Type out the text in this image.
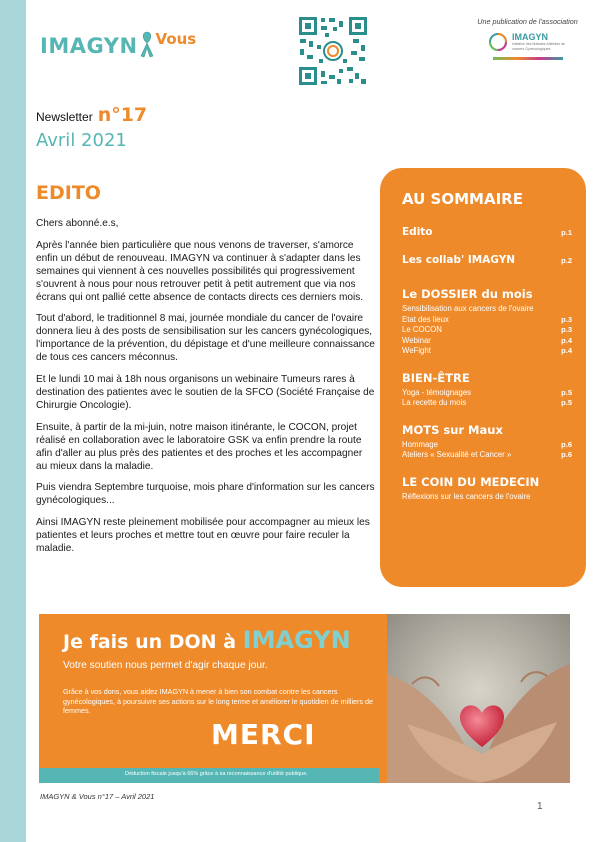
IMAGYN Vous
Une publication de l'association
IMAGYN
Initiative des Malades Atteintes de cancers Gynécologiques
Newsletter n°17
Avril 2021
EDITO

Chers abonné.e.s,

Après l'année bien particulière que nous venons de traverser, s'amorce enfin un début de renouveau. IMAGYN va continuer à s'adapter dans les semaines qui viennent à ces nouvelles possibilités qui progressivement s'ouvrent à nous pour nous retrouver petit à petit autrement que via nos écrans qui ont pallié cette absence de contacts directs ces derniers mois.

Tout d'abord, le traditionnel 8 mai, journée mondiale du cancer de l'ovaire donnera lieu à des posts de sensibilisation sur les cancers gynécologiques, l'importance de la prévention, du dépistage et d'une meilleure connaissance de tous ces cancers méconnus.

Et le lundi 10 mai à 18h nous organisons un webinaire Tumeurs rares à destination des patientes avec le soutien de la SFCO (Société Française de Chirurgie Oncologie).

Ensuite, à partir de la mi-juin, notre maison itinérante, le COCON, projet réalisé en collaboration avec le laboratoire GSK va enfin prendre la route afin d'aller au plus près des patientes et des proches et les accompagner au mieux dans la maladie.

Puis viendra Septembre turquoise, mois phare d'information sur les cancers gynécologiques...

Ainsi IMAGYN reste pleinement mobilisée pour accompagner au mieux les patientes et leurs proches et mettre tout en œuvre pour faire reculer la maladie.

AU SOMMAIRE
Edito	p.1
Les collab' IMAGYN	p.2
Le DOSSIER du mois
Sensibilisation aux cancers de l'ovaire
Etat des lieux	p.3
Le COCON	p.3
Webinar	p.4
WeFight	p.4
BIEN-ÊTRE
Yoga - témoignages	p.5
La recette du mois	p.5
MOTS sur Maux
Hommage	p.6
Ateliers « Sexualité et Cancer »	p.6
LE COIN DU MEDECIN
Réflexions sur les cancers de l'ovaire
Je fais un DON à IMAGYN
Votre soutien nous permet d'agir chaque jour.
Grâce à vos dons, vous aidez IMAGYN à mener à bien son combat contre les cancers gynécologiques, à poursuivre ses actions sur le long terme et améliorer le quotidien de milliers de femmes.
MERCI
Déduction fiscale jusqu'à 66% grâce à sa reconnaissance d'utilité publique.
IMAGYN & Vous n°17 – Avril 2021
1
